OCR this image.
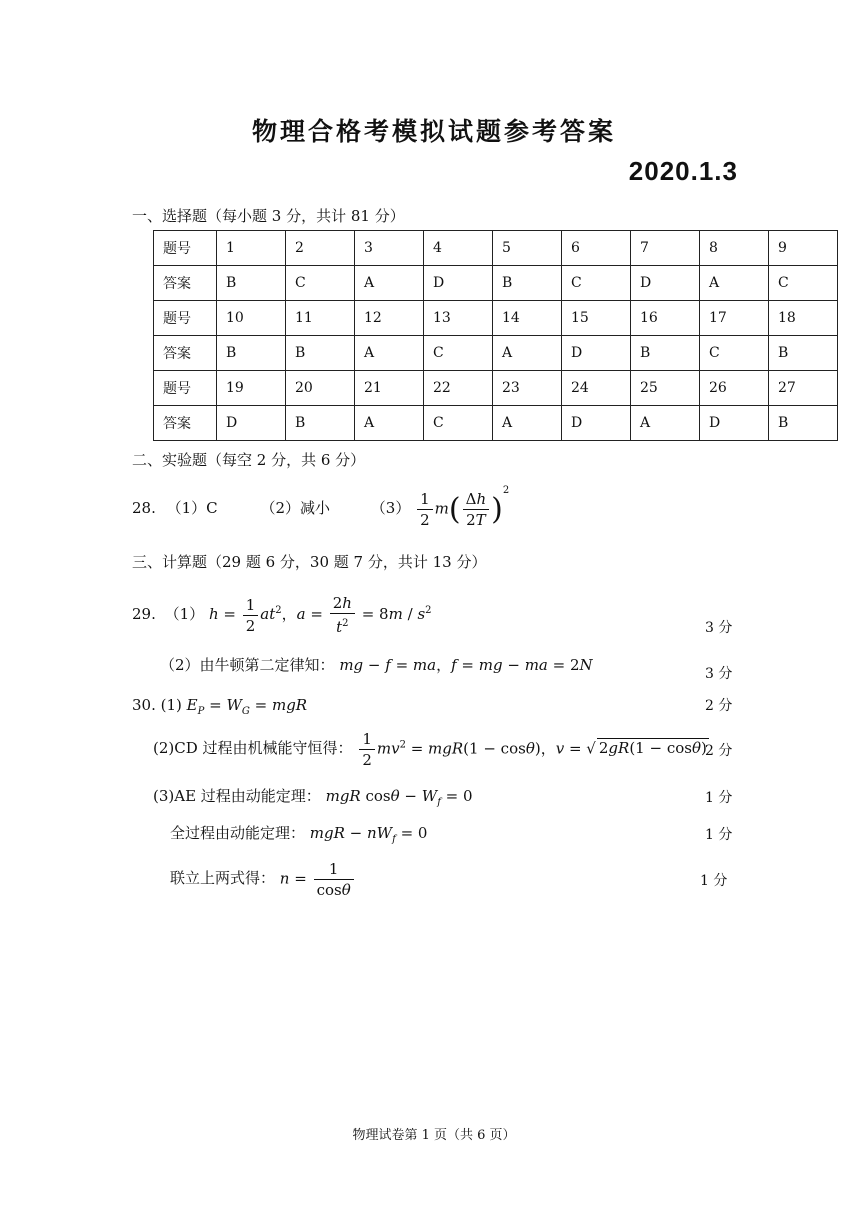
物理合格考模拟试题参考答案
2020.1.3
一、选择题（每小题 3 分，共计 81 分）
题号	1	2	3	4	5	6	7	8	9
答案	B	C	A	D	B	C	D	A	C
题号	10	11	12	13	14	15	16	17	18
答案	B	B	A	C	A	D	B	C	B
题号	19	20	21	22	23	24	25	26	27
答案	D	B	A	C	A	D	A	D	B
二、实验题（每空 2 分，共 6 分）
28. （1）C	（2）减小	$(3) \frac{1}{2} m( \frac{\Delta h}{2T} )^2$
三、计算题（29 题 6 分，30 题 7 分，共计 13 分）
29. （1） $h = \frac{1}{2} at^2$，$a = \frac{2h}{t^2} = 8m / s^2$
3 分
（2）由牛顿第二定律知： mg − f = ma，f = mg − ma = 2N	3 分
30. (1) $E_P = W_G$ = mgR	2 分
(2)CD 过程由机械能守恒得： $\frac{1}{2} mv^2 = mgR(1 - \cos\theta)$，v = √ 2gR(1 − cosθ)
2 分
(3)AE 过程由动能定理： mgR $\cos\theta - W_f = 0$	1 分
全过程由动能定理： mgR − $nW_f = 0$	1 分
联立上两式得： $n = \frac{1}{\cos\theta}$	1 分
物理试卷第 1 页（共 6 页）
